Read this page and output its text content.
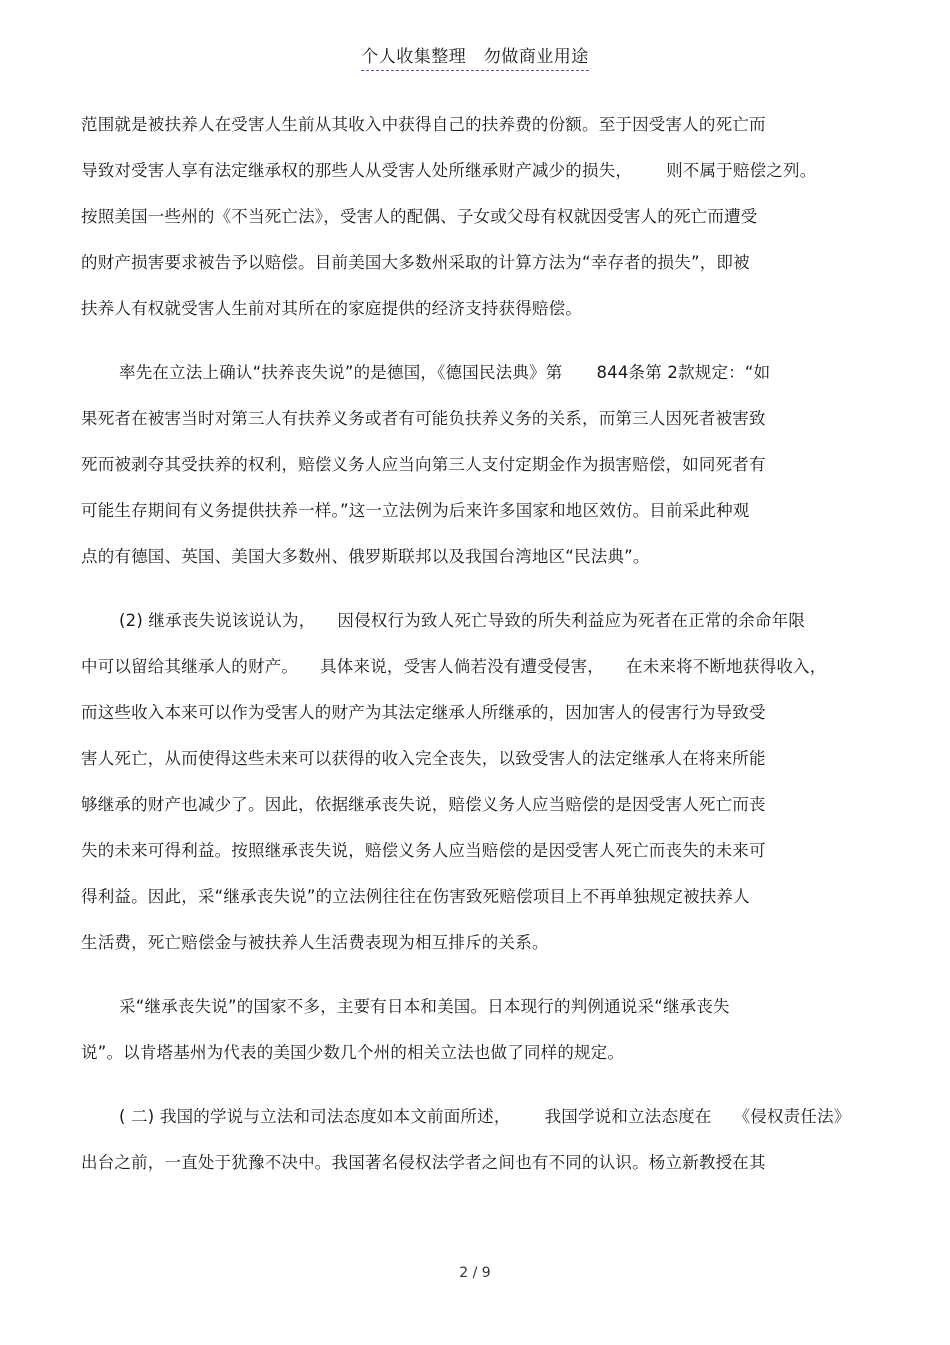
个人收集整理　勿做商业用途
范围就是被扶养人在受害人生前从其收入中获得自己的扶养费的份额。至于因受害人的死亡而
导致对受害人享有法定继承权的那些人从受害人处所继承财产减少的损失， 则不属于赔偿之列。
按照美国一些州的《不当死亡法》，受害人的配偶、子女或父母有权就因受害人的死亡而遭受
的财产损害要求被告予以赔偿。目前美国大多数州采取的计算方法为“幸存者的损失”，即被
扶养人有权就受害人生前对其所在的家庭提供的经济支持获得赔偿。
率先在立法上确认“扶养丧失说”的是德国，《德国民法典》第 844条第 2款规定：“如
果死者在被害当时对第三人有扶养义务或者有可能负扶养义务的关系，而第三人因死者被害致
死而被剥夺其受扶养的权利，赔偿义务人应当向第三人支付定期金作为损害赔偿，如同死者有
可能生存期间有义务提供扶养一样。”这一立法例为后来许多国家和地区效仿。目前采此种观
点的有德国、英国、美国大多数州、俄罗斯联邦以及我国台湾地区“民法典”。
(2) 继承丧失说该说认为， 因侵权行为致人死亡导致的所失利益应为死者在正常的余命年限
中可以留给其继承人的财产。 具体来说，受害人倘若没有遭受侵害， 在未来将不断地获得收入，
而这些收入本来可以作为受害人的财产为其法定继承人所继承的，因加害人的侵害行为导致受
害人死亡，从而使得这些未来可以获得的收入完全丧失，以致受害人的法定继承人在将来所能
够继承的财产也减少了。因此，依据继承丧失说，赔偿义务人应当赔偿的是因受害人死亡而丧
失的未来可得利益。按照继承丧失说，赔偿义务人应当赔偿的是因受害人死亡而丧失的未来可
得利益。因此，采“继承丧失说”的立法例往往在伤害致死赔偿项目上不再单独规定被扶养人
生活费，死亡赔偿金与被扶养人生活费表现为相互排斥的关系。
采“继承丧失说”的国家不多，主要有日本和美国。日本现行的判例通说采“继承丧失
说”。以肯塔基州为代表的美国少数几个州的相关立法也做了同样的规定。
( 二) 我国的学说与立法和司法态度如本文前面所述， 我国学说和立法态度在 《侵权责任法》
出台之前，一直处于犹豫不决中。我国著名侵权法学者之间也有不同的认识。杨立新教授在其
2 / 9
